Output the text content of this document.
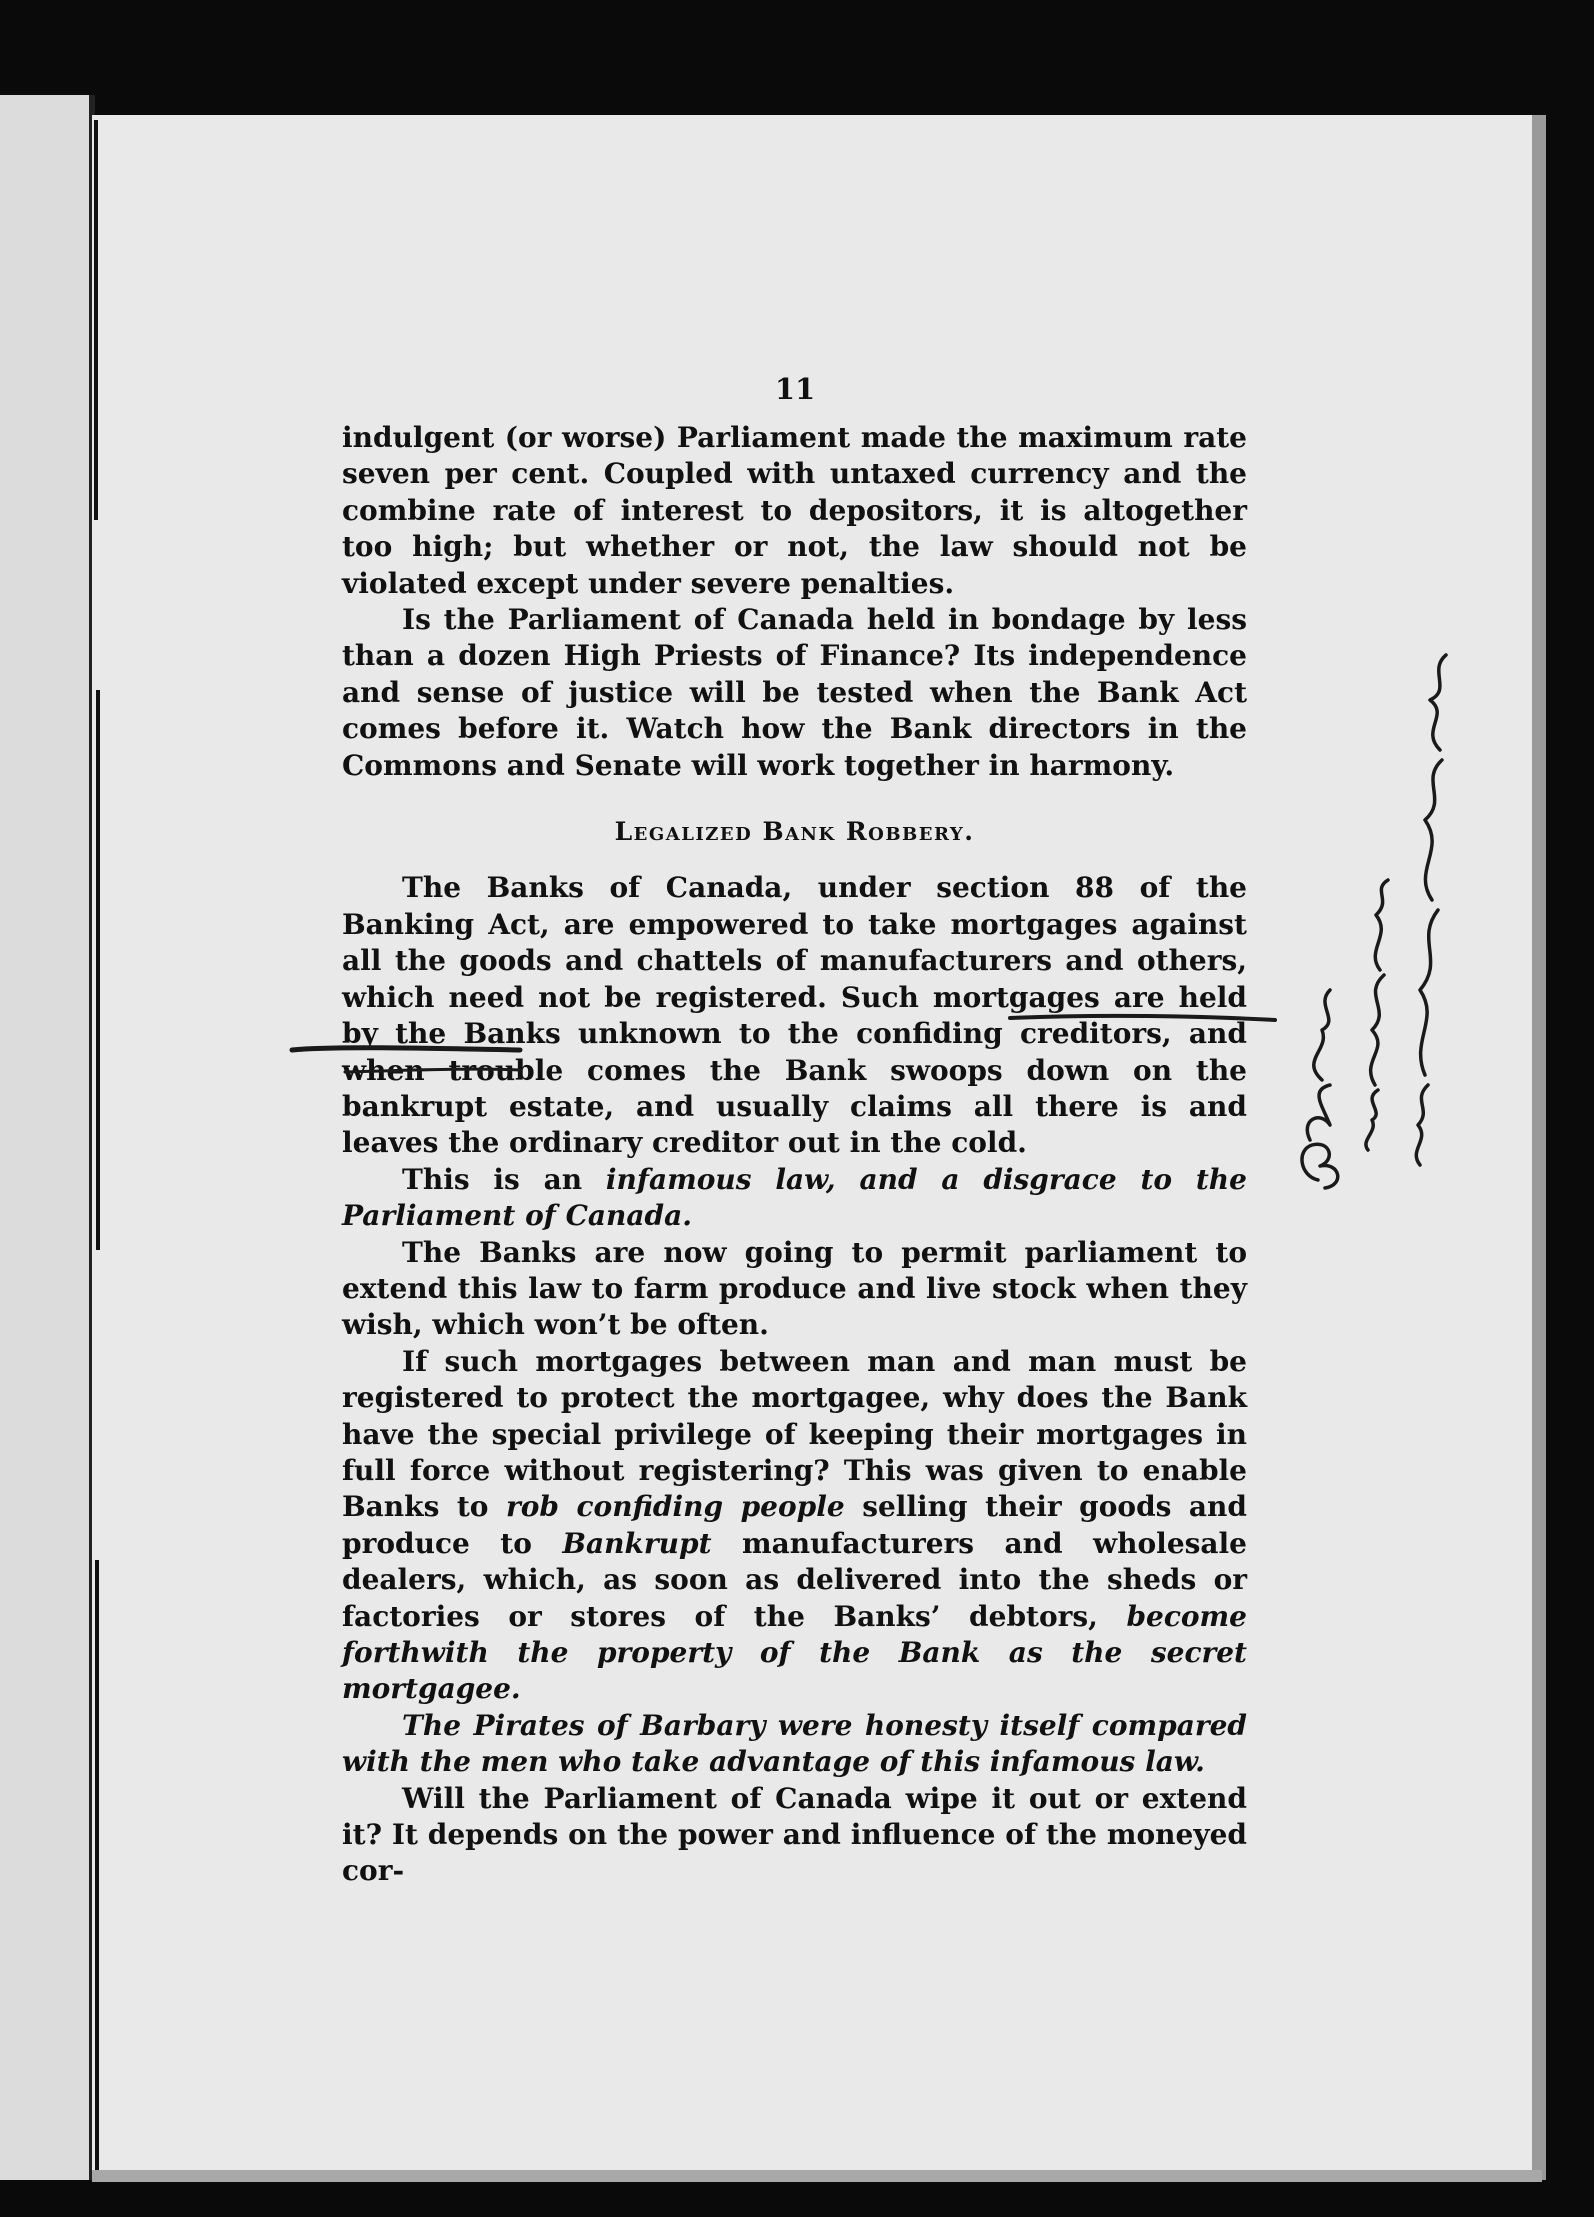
11

indulgent (or worse) Parliament made the maximum rate seven per cent. Coupled with untaxed currency and the combine rate of interest to depositors, it is altogether too high; but whether or not, the law should not be violated except under severe penalties.

Is the Parliament of Canada held in bondage by less than a dozen High Priests of Finance? Its independence and sense of justice will be tested when the Bank Act comes before it. Watch how the Bank directors in the Commons and Senate will work together in harmony.

Legalized Bank Robbery.

The Banks of Canada, under section 88 of the Banking Act, are empowered to take mortgages against all the goods and chattels of manufacturers and others, which need not be registered. Such mortgages are held by the Banks unknown to the confiding creditors, and when trouble comes the Bank swoops down on the bankrupt estate, and usually claims all there is and leaves the ordinary creditor out in the cold.

This is an infamous law, and a disgrace to the Parliament of Canada.

The Banks are now going to permit parliament to extend this law to farm produce and live stock when they wish, which won’t be often.

If such mortgages between man and man must be registered to protect the mortgagee, why does the Bank have the special privilege of keeping their mortgages in full force without registering? This was given to enable Banks to rob confiding people selling their goods and produce to Bankrupt manufacturers and wholesale dealers, which, as soon as delivered into the sheds or factories or stores of the Banks’ debtors, become forthwith the property of the Bank as the secret mortgagee.

The Pirates of Barbary were honesty itself compared with the men who take advantage of this infamous law.

Will the Parliament of Canada wipe it out or extend it? It depends on the power and influence of the moneyed cor-
